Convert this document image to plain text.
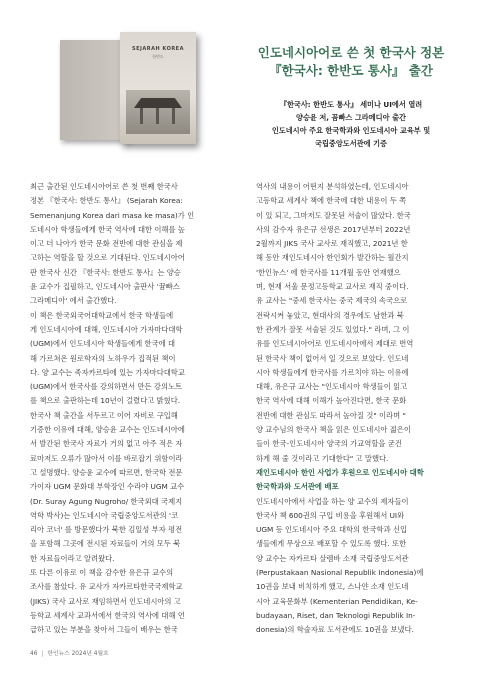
SEJARAH KOREA
한반도	인도네시아어로 쓴 첫 한국사 정본
『한국사: 한반도 통사』 출간
『한국사: 한반도 통사』 세미나 UI에서 열려
양승윤 저, 꼼빠스 그라메디아 출간
인도네시아 주요 한국학과와 인도네시아 교육부 및
국립중앙도서관에 기증
최근 출간된 인도네시아어로 쓴 첫 번째 한국사
정본 『한국사: 한반도 통사』 (Sejarah Korea:
Semenanjung Korea dari masa ke masa)가 인
도네시아 학생들에게 한국 역사에 대한 이해를 높
이고 더 나아가 한국 문화 전반에 대한 관심을 제
고하는 역할을 할 것으로 기대된다. 인도네시아어
판 한국사 신간 『한국사: 한반도 통사』는 양승
윤 교수가 집필하고, 인도네시아 출판사 '뀸빠스
그라메디아' 에서 출간했다.
이 책은 한국외국어대학교에서 한국 학생들에
게 인도네시아에 대해, 인도네시아 가자마다대학
(UGM)에서 인도네시아 학생들에게 한국에 대
해 가르쳐온 원로학자의 노하우가 집적된 책이
다. 양 교수는 족자카르타에 있는 가자마다대학교
(UGM)에서 한국사를 강의하면서 만든 강의노트
를 책으로 출판하는데 10년이 걸렸다고 밝혔다.
한국사 책 출간을 서두르고 이어 자비로 구입해
기증한 이유에 대해, 양승윤 교수는 인도네시아에
서 발간된 한국사 자료가 거의 없고 아주 적은 자
료마저도 오류가 많아서 이를 바로잡기 위함이라
고 설명했다. 양승윤 교수에 따르면, 한국학 전문
가이자 UGM 문화대 부학장인 수라야 UGM 교수
(Dr. Suray Agung Nugroho/ 한국외대 국제지
역학 박사)는 인도네시아 국립중앙도서관의 '코
리아 코너' 를 방문했다가 북한 김일성 부자 평전
을 포함해 그곳에 전시된 자료들이 거의 모두 북
한 자료들이라고 알려왔다.
또 다른 이유로 이 책을 감수한 유은규 교수의
조사를 참았다. 유 교사가 자카르타한국국제학교
(JIKS) 국사 교사로 재임하면서 인도네시아의 고
등학교 세계사 교과서에서 한국의 역사에 대해 언
급하고 있는 부분을 찾아서 그들이 배우는 한국
역사의 내용이 어떤지 분석하였는데, 인도네시아
고등학교 세계사 책에 한국에 대한 내용이 두 쪽
이 있 되고, 그마저도 잘못된 서술이 많았다. 한국
사의 감수자 유은규 선생은 2017년부터 2022년
2월까지 JIKS 국사 교사로 재직했고, 2021년 한
해 동안 재인도네시아 한인회가 발간하는 월간지
'한인뉴스' 에 한국사를 11개월 동안 연재했으
며, 현재 서울 문정고등학교 교사로 재직 중이다.
유 교사는 "중세 한국사는 중국 제국의 속국으로
전락시켜 놓았고, 현대사의 경우에도 남한과 북
한 관계가 잘못 서술된 것도 있었다." 라며, 그 이
유를 인도네시아어로 인도네시아에서 제대로 번역
된 한국사 책이 없어서 일 것으로 보았다. 인도네
시아 학생들에게 한국사를 가르치야 하는 이유에
대해, 유은규 교사는 "인도네시아 학생들이 읽고
한국 역사에 대해 이해가 높아진다면, 한국 문화
전반에 대한 관심도 따라서 높아질 것" 이라며 "
양 교수님의 한국사 책을 읽은 인도네시아 젊은이
들이 한국-인도네시아 양국의 가교역할을 굳건
하게 해 줄 것이라고 기대한다" 고 말했다.
재인도네시아 한인 사업가 후원으로 인도네시아 대학
한국학과와 도서관에 배포
인도네시아에서 사업을 하는 양 교수의 제자들이
한국사 책 600권의 구입 비용을 후원해서 UI와
UGM 등 인도네시아 주요 대학의 한국학과 신입
생들에게 무상으로 배포할 수 있도록 했다. 또한
양 교수는 자카르타 살렘바 소재 국립중앙도서관
(Perpustakaan Nasional Republik Indonesia)에
10권을 보내 비치하게 했고, 스나얀 소재 인도네
시아 교육문화부 (Kementerian Pendidikan, Ke-
budayaan, Riset, dan Teknologi Republik In-
donesia)의 학술자료 도서관에도 10권을 보냈다.
46 | 한인뉴스 2024년 4월호
